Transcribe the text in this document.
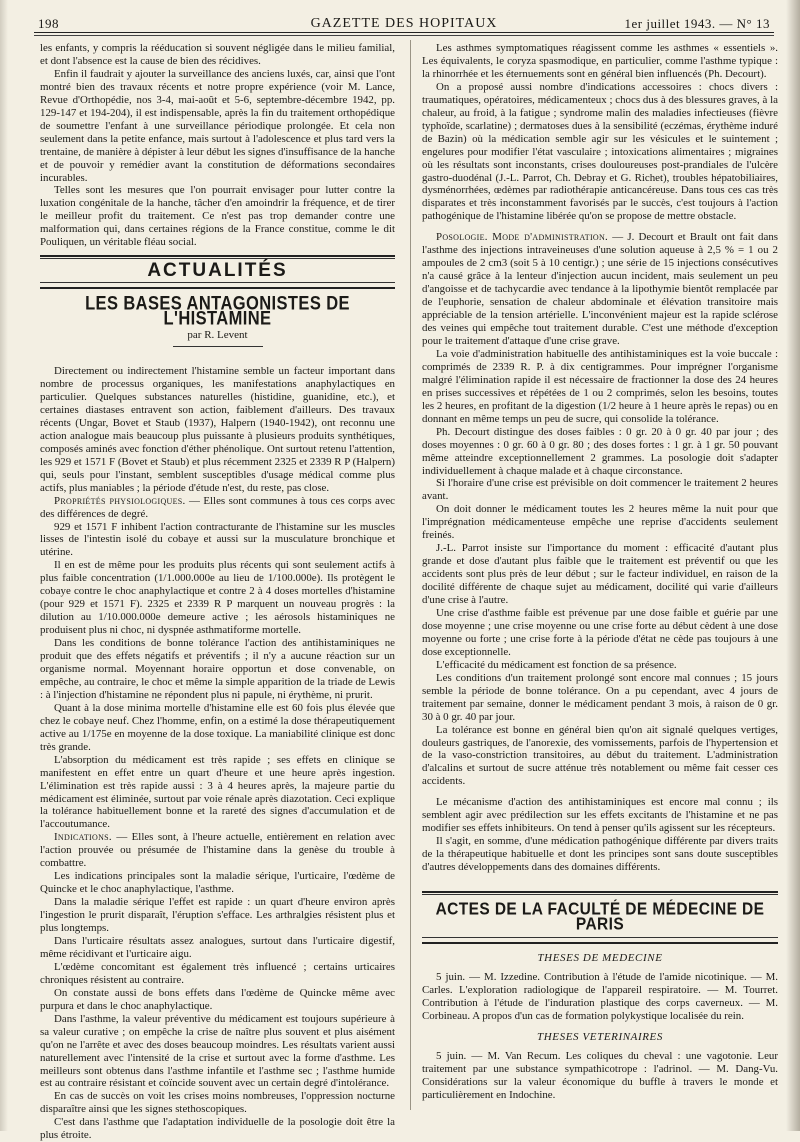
198	GAZETTE DES HOPITAUX	1er juillet 1943. — N° 13

les enfants, y compris la rééducation si souvent négligée dans le milieu familial, et dont l'absence est la cause de bien des récidives.

Enfin il faudrait y ajouter la surveillance des anciens luxés, car, ainsi que l'ont montré bien des travaux récents et notre propre expérience (voir M. Lance, Revue d'Orthopédie, nos 3-4, mai-août et 5-6, septembre-décembre 1942, pp. 129-147 et 194-204), il est indispensable, après la fin du traitement orthopédique de soumettre l'enfant à une surveillance périodique prolongée. Et cela non seulement dans la petite enfance, mais surtout à l'adolescence et plus tard vers la trentaine, de manière à dépister à leur début les signes d'insuffisance de la hanche et de pouvoir y remédier avant la constitution de déformations secondaires incurables.

Telles sont les mesures que l'on pourrait envisager pour lutter contre la luxation congénitale de la hanche, tâcher d'en amoindrir la fréquence, et de tirer le meilleur profit du traitement. Ce n'est pas trop demander contre une malformation qui, dans certaines régions de la France constitue, comme le dit Pouliquen, un véritable fléau social.

ACTUALITÉS
LES BASES ANTAGONISTES DE L'HISTAMINE
par R. Levent

Directement ou indirectement l'histamine semble un facteur important dans nombre de processus organiques, les manifestations anaphylactiques en particulier. Quelques substances naturelles (histidine, guanidine, etc.), et certaines diastases entravent son action, faiblement d'ailleurs. Des travaux récents (Ungar, Bovet et Staub (1937), Halpern (1940-1942), ont reconnu une action analogue mais beaucoup plus puissante à plusieurs produits synthétiques, composés aminés avec fonction d'éther phénolique. Ont surtout retenu l'attention, les 929 et 1571 F (Bovet et Staub) et plus récemment 2325 et 2339 R P (Halpern) qui, seuls pour l'instant, semblent susceptibles d'usage médical comme plus actifs, plus maniables ; la période d'étude n'est, du reste, pas close.

Propriétés physiologiques. — Elles sont communes à tous ces corps avec des différences de degré.

929 et 1571 F inhibent l'action contracturante de l'histamine sur les muscles lisses de l'intestin isolé du cobaye et aussi sur la musculature bronchique et utérine.

Il en est de même pour les produits plus récents qui sont seulement actifs à plus faible concentration (1/1.000.000e au lieu de 1/100.000e). Ils protègent le cobaye contre le choc anaphylactique et contre 2 à 4 doses mortelles d'histamine (pour 929 et 1571 F). 2325 et 2339 R P marquent un nouveau progrès : la dilution au 1/10.000.000e demeure active ; les aérosols histaminiques ne produisent plus ni choc, ni dyspnée asthmatiforme mortelle.

Dans les conditions de bonne tolérance l'action des antihistaminiques ne produit que des effets négatifs et préventifs ; il n'y a aucune réaction sur un organisme normal. Moyennant horaire opportun et dose convenable, on empêche, au contraire, le choc et même la simple apparition de la triade de Lewis : à l'injection d'histamine ne répondent plus ni papule, ni érythème, ni prurit.

Quant à la dose minima mortelle d'histamine elle est 60 fois plus élevée que chez le cobaye neuf. Chez l'homme, enfin, on a estimé la dose thérapeutiquement active au 1/175e en moyenne de la dose toxique. La maniabilité clinique est donc très grande.

L'absorption du médicament est très rapide ; ses effets en clinique se manifestent en effet entre un quart d'heure et une heure après ingestion. L'élimination est très rapide aussi : 3 à 4 heures après, la majeure partie du médicament est éliminée, surtout par voie rénale après diazotation. Ceci explique la tolérance habituellement bonne et la rareté des signes d'accumulation et de l'accoutumance.

Indications. — Elles sont, à l'heure actuelle, entièrement en relation avec l'action prouvée ou présumée de l'histamine dans la genèse du trouble à combattre.

Les indications principales sont la maladie sérique, l'urticaire, l'œdème de Quincke et le choc anaphylactique, l'asthme.

Dans la maladie sérique l'effet est rapide : un quart d'heure environ après l'ingestion le prurit disparaît, l'éruption s'efface. Les arthralgies résistent plus et plus longtemps.

Dans l'urticaire résultats assez analogues, surtout dans l'urticaire digestif, même récidivant et l'urticaire aigu.

L'œdème concomitant est également très influencé ; certains urticaires chroniques résistent au contraire.

On constate aussi de bons effets dans l'œdème de Quincke même avec purpura et dans le choc anaphylactique.

Dans l'asthme, la valeur préventive du médicament est toujours supérieure à sa valeur curative ; on empêche la crise de naître plus souvent et plus aisément qu'on ne l'arrête et avec des doses beaucoup moindres. Les résultats varient aussi naturellement avec l'intensité de la crise et surtout avec la forme d'asthme. Les meilleurs sont obtenus dans l'asthme infantile et l'asthme sec ; l'asthme humide est au contraire résistant et coïncide souvent avec un certain degré d'intolérance.

En cas de succès on voit les crises moins nombreuses, l'oppression nocturne disparaître ainsi que les signes stethoscopiques.

C'est dans l'asthme que l'adaptation individuelle de la posologie doit être la plus étroite.

Les asthmes symptomatiques réagissent comme les asthmes « essentiels ». Les équivalents, le coryza spasmodique, en particulier, comme l'asthme typique : la rhinorrhée et les éternuements sont en général bien influencés (Ph. Decourt).

On a proposé aussi nombre d'indications accessoires : chocs divers : traumatiques, opératoires, médicamenteux ; chocs dus à des blessures graves, à la chaleur, au froid, à la fatigue ; syndrome malin des maladies infectieuses (fièvre typhoïde, scarlatine) ; dermatoses dues à la sensibilité (eczémas, érythème induré de Bazin) où la médication semble agir sur les vésicules et le suintement ; engelures pour modifier l'état vasculaire ; intoxications alimentaires ; migraines où les résultats sont inconstants, crises douloureuses post-prandiales de l'ulcère gastro-duodénal (J.-L. Parrot, Ch. Debray et G. Richet), troubles hépatobiliaires, dysménorrhées, œdèmes par radiothérapie anticancéreuse. Dans tous ces cas très disparates et très inconstamment favorisés par le succès, c'est toujours à l'action pathogénique de l'histamine libérée qu'on se propose de mettre obstacle.

Posologie. Mode d'administration. — J. Decourt et Brault ont fait dans l'asthme des injections intraveineuses d'une solution aqueuse à 2,5 % = 1 ou 2 ampoules de 2 cm3 (soit 5 à 10 centigr.) ; une série de 15 injections consécutives n'a causé grâce à la lenteur d'injection aucun incident, mais seulement un peu d'angoisse et de tachycardie avec tendance à la lipothymie bientôt remplacée par de l'euphorie, sensation de chaleur abdominale et élévation transitoire mais appréciable de la tension artérielle. L'inconvénient majeur est la rapide sclérose des veines qui empêche tout traitement durable. C'est une méthode d'exception pour le traitement d'attaque d'une crise grave.

La voie d'administration habituelle des antihistaminiques est la voie buccale : comprimés de 2339 R. P. à dix centigrammes. Pour imprégner l'organisme malgré l'élimination rapide il est nécessaire de fractionner la dose des 24 heures en prises successives et répétées de 1 ou 2 comprimés, selon les besoins, toutes les 2 heures, en profitant de la digestion (1/2 heure à 1 heure après le repas) ou en donnant en même temps un peu de sucre, qui consolide la tolérance.

Ph. Decourt distingue des doses faibles : 0 gr. 20 à 0 gr. 40 par jour ; des doses moyennes : 0 gr. 60 à 0 gr. 80 ; des doses fortes : 1 gr. à 1 gr. 50 pouvant même atteindre exceptionnellement 2 grammes. La posologie doit s'adapter individuellement à chaque malade et à chaque circonstance.

Si l'horaire d'une crise est prévisible on doit commencer le traitement 2 heures avant.

On doit donner le médicament toutes les 2 heures même la nuit pour que l'imprégnation médicamenteuse empêche une reprise d'accidents seulement freinés.

J.-L. Parrot insiste sur l'importance du moment : efficacité d'autant plus grande et dose d'autant plus faible que le traitement est préventif ou que les accidents sont plus près de leur début ; sur le facteur individuel, en raison de la docilité différente de chaque sujet au médicament, docilité qui varie d'ailleurs d'une crise à l'autre.

Une crise d'asthme faible est prévenue par une dose faible et guérie par une dose moyenne ; une crise moyenne ou une crise forte au début cèdent à une dose moyenne ou forte ; une crise forte à la période d'état ne cède pas toujours à une dose exceptionnelle.

L'efficacité du médicament est fonction de sa présence.

Les conditions d'un traitement prolongé sont encore mal connues ; 15 jours semble la période de bonne tolérance. On a pu cependant, avec 4 jours de traitement par semaine, donner le médicament pendant 3 mois, à raison de 0 gr. 30 à 0 gr. 40 par jour.

La tolérance est bonne en général bien qu'on ait signalé quelques vertiges, douleurs gastriques, de l'anorexie, des vomissements, parfois de l'hypertension et de la vaso-constriction transitoires, au début du traitement. L'administration d'alcalins et surtout de sucre atténue très notablement ou même fait cesser ces accidents.

Le mécanisme d'action des antihistaminiques est encore mal connu ; ils semblent agir avec prédilection sur les effets excitants de l'histamine et ne pas modifier ses effets inhibiteurs. On tend à penser qu'ils agissent sur les récepteurs.

Il s'agit, en somme, d'une médication pathogénique différente par divers traits de la thérapeutique habituelle et dont les principes sont sans doute susceptibles d'autres développements dans des domaines différents.

ACTES DE LA FACULTÉ DE MÉDECINE DE PARIS
THESES DE MEDECINE

5 juin. — M. Izzedine. Contribution à l'étude de l'amide nicotinique. — M. Carles. L'exploration radiologique de l'appareil respiratoire. — M. Tourret. Contribution à l'étude de l'induration plastique des corps caverneux. — M. Corbineau. A propos d'un cas de formation polykystique localisée du rein.

THESES VETERINAIRES

5 juin. — M. Van Recum. Les coliques du cheval : une vagotonie. Leur traitement par une substance sympathicotrope : l'adrinol. — M. Dang-Vu. Considérations sur la valeur économique du buffle à travers le monde et particulièrement en Indochine.
